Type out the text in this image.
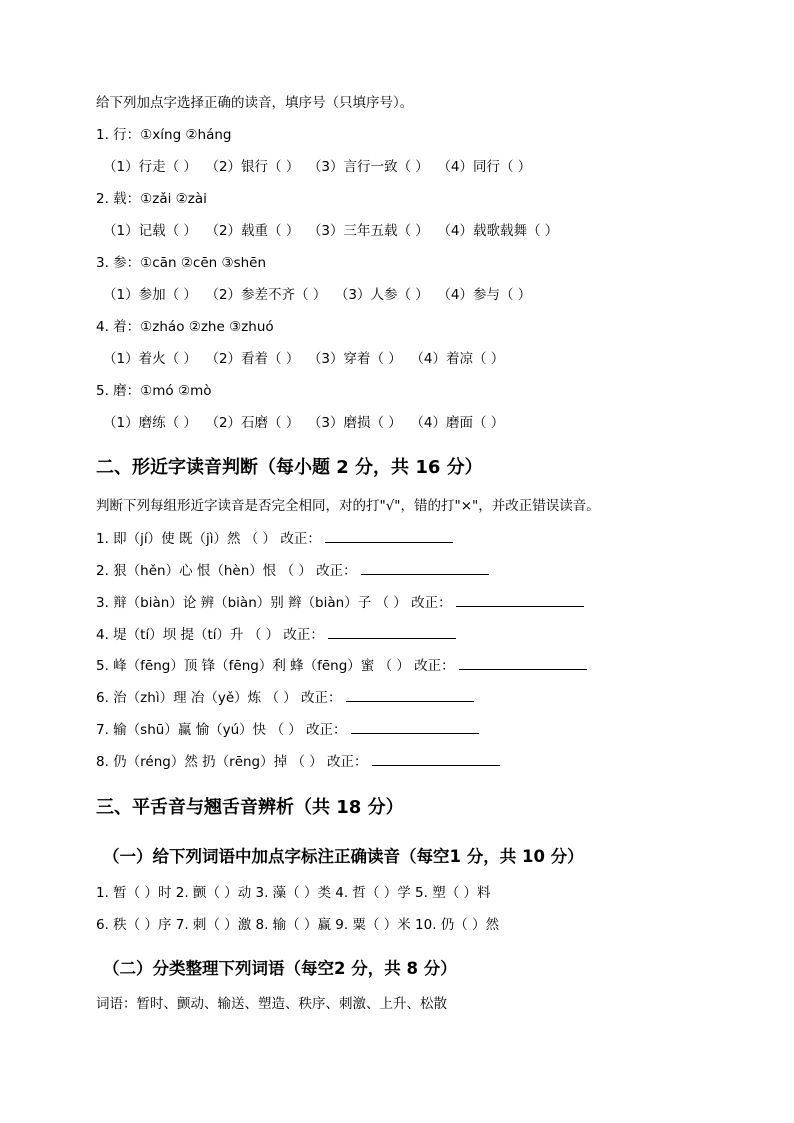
给下列加点字选择正确的读音，填序号（只填序号）。
1. 行：①xíng ②háng
（1）行走（ ）  （2）银行（ ）  （3）言行一致（ ）  （4）同行（ ）
2. 载：①zǎi ②zài
（1）记载（ ）  （2）载重（ ）  （3）三年五载（ ）  （4）载歌载舞（ ）
3. 参：①cān ②cēn ③shēn
（1）参加（ ）  （2）参差不齐（ ）  （3）人参（ ）  （4）参与（ ）
4. 着：①zháo ②zhe ③zhuó
（1）着火（ ）  （2）看着（ ）  （3）穿着（ ）  （4）着凉（ ）
5. 磨：①mó ②mò
（1）磨练（ ）  （2）石磨（ ）  （3）磨损（ ）  （4）磨面（ ）
二、形近字读音判断（每小题 2 分，共 16 分）
判断下列每组形近字读音是否完全相同，对的打"√"，错的打"×"，并改正错误读音。
1. 即（jí）使 既（jì）然 （ ） 改正：
2. 狠（hěn）心 恨（hèn）恨 （ ） 改正：
3. 辩（biàn）论 辨（biàn）别 辫（biàn）子 （ ） 改正：
4. 堤（tí）坝 提（tí）升 （ ） 改正：
5. 峰（fēng）顶 锋（fēng）利 蜂（fēng）蜜 （ ） 改正：
6. 治（zhì）理 冶（yě）炼 （ ） 改正：
7. 输（shū）赢 愉（yú）快 （ ） 改正：
8. 仍（réng）然 扔（rēng）掉 （ ） 改正：
三、平舌音与翘舌音辨析（共 18 分）
（一）给下列词语中加点字标注正确读音（每空1 分，共 10 分）
1. 暂（ ）时 2. 颤（ ）动 3. 藻（ ）类 4. 哲（ ）学 5. 塑（ ）料
6. 秩（ ）序 7. 刺（ ）激 8. 输（ ）赢 9. 粟（ ）米 10. 仍（ ）然
（二）分类整理下列词语（每空2 分，共 8 分）
词语：暂时、颤动、输送、塑造、秩序、刺激、上升、松散
